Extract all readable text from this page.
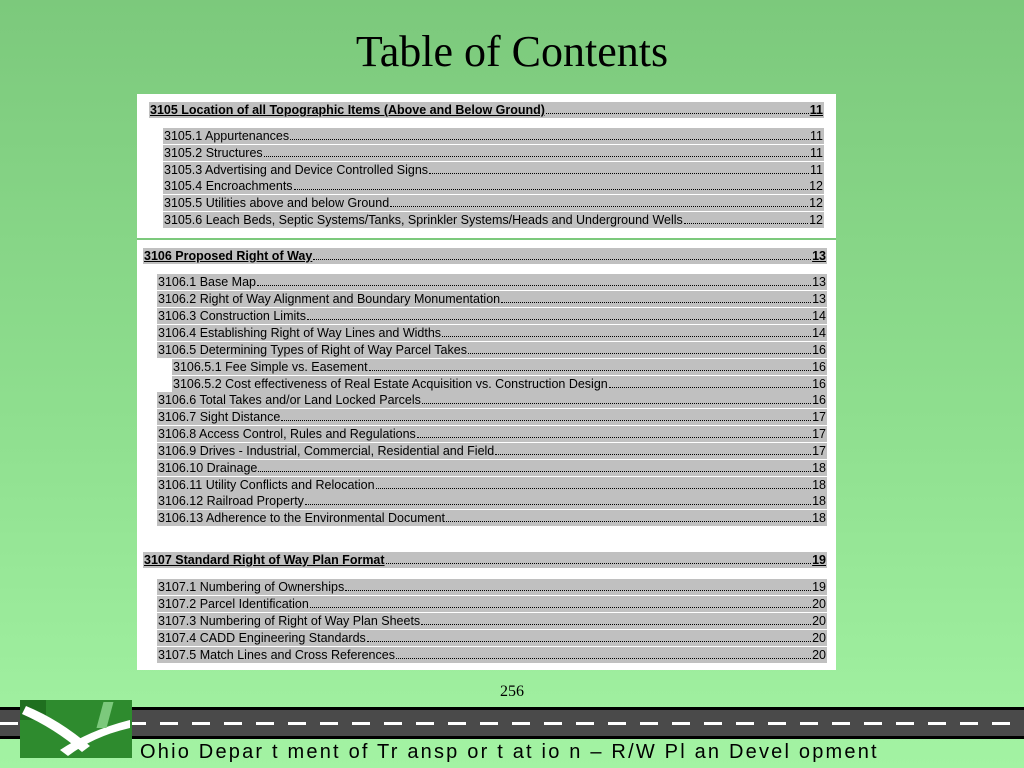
Table of Contents
3105 Location of all Topographic Items (Above and Below Ground)	11
3105.1 Appurtenances	11
3105.2 Structures	11
3105.3 Advertising and Device Controlled Signs	11
3105.4 Encroachments	12
3105.5 Utilities above and below Ground	12
3105.6 Leach Beds, Septic Systems/Tanks, Sprinkler Systems/Heads and Underground Wells	12
3106 Proposed Right of Way	13
3106.1 Base Map	13
3106.2 Right of Way Alignment and Boundary Monumentation	13
3106.3 Construction Limits	14
3106.4 Establishing Right of Way Lines and Widths	14
3106.5 Determining Types of Right of Way Parcel Takes	16
3106.5.1 Fee Simple vs. Easement	16
3106.5.2 Cost effectiveness of Real Estate Acquisition vs. Construction Design	16
3106.6 Total Takes and/or Land Locked Parcels	16
3106.7 Sight Distance	17
3106.8 Access Control, Rules and Regulations	17
3106.9 Drives - Industrial, Commercial, Residential and Field	17
3106.10 Drainage	18
3106.11 Utility Conflicts and Relocation	18
3106.12 Railroad Property	18
3106.13 Adherence to the Environmental Document	18
3107 Standard Right of Way Plan Format	19
3107.1 Numbering of Ownerships	19
3107.2 Parcel Identification	20
3107.3 Numbering of Right of Way Plan Sheets	20
3107.4 CADD Engineering Standards	20
3107.5 Match Lines and Cross References	20
256
Ohio Depar t ment of Tr ansp or t at io n – R/W Pl an Devel opment
